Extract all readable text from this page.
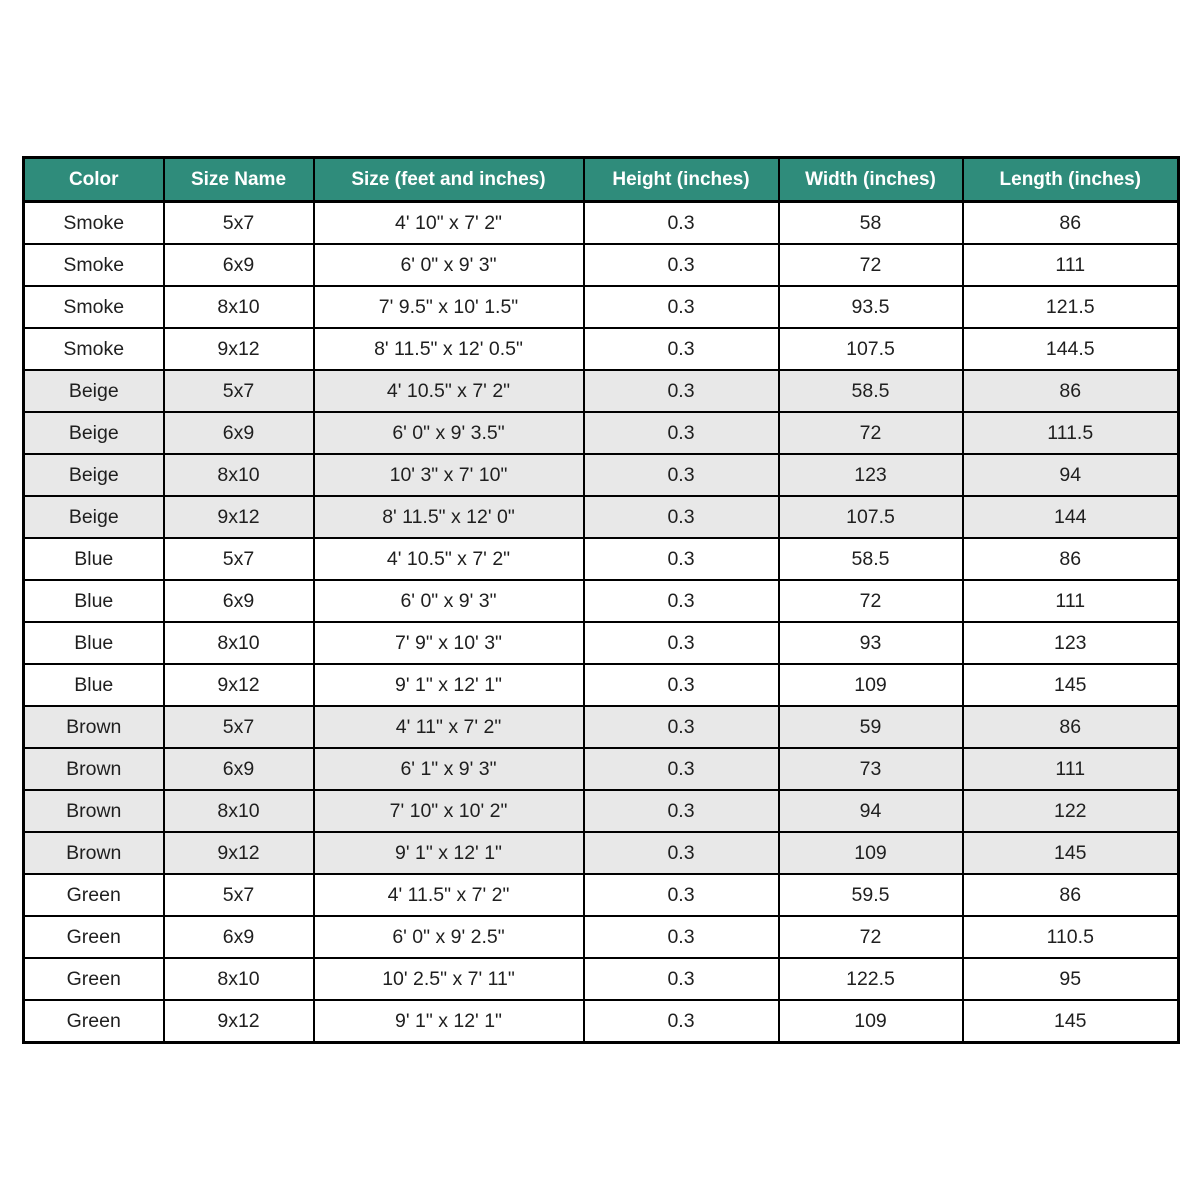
Color	Size Name	Size (feet and inches)	Height (inches)	Width (inches)	Length (inches)
Smoke	5x7	4' 10" x 7' 2"	0.3	58	86
Smoke	6x9	6' 0" x 9' 3"	0.3	72	111
Smoke	8x10	7' 9.5" x 10' 1.5"	0.3	93.5	121.5
Smoke	9x12	8' 11.5" x 12' 0.5"	0.3	107.5	144.5
Beige	5x7	4' 10.5" x 7' 2"	0.3	58.5	86
Beige	6x9	6' 0" x 9' 3.5"	0.3	72	111.5
Beige	8x10	10' 3" x 7' 10"	0.3	123	94
Beige	9x12	8' 11.5" x 12' 0"	0.3	107.5	144
Blue	5x7	4' 10.5" x 7' 2"	0.3	58.5	86
Blue	6x9	6' 0" x 9' 3"	0.3	72	111
Blue	8x10	7' 9" x 10' 3"	0.3	93	123
Blue	9x12	9' 1" x 12' 1"	0.3	109	145
Brown	5x7	4' 11" x 7' 2"	0.3	59	86
Brown	6x9	6' 1" x 9' 3"	0.3	73	111
Brown	8x10	7' 10" x 10' 2"	0.3	94	122
Brown	9x12	9' 1" x 12' 1"	0.3	109	145
Green	5x7	4' 11.5" x 7' 2"	0.3	59.5	86
Green	6x9	6' 0" x 9' 2.5"	0.3	72	110.5
Green	8x10	10' 2.5" x 7' 11"	0.3	122.5	95
Green	9x12	9' 1" x 12' 1"	0.3	109	145
